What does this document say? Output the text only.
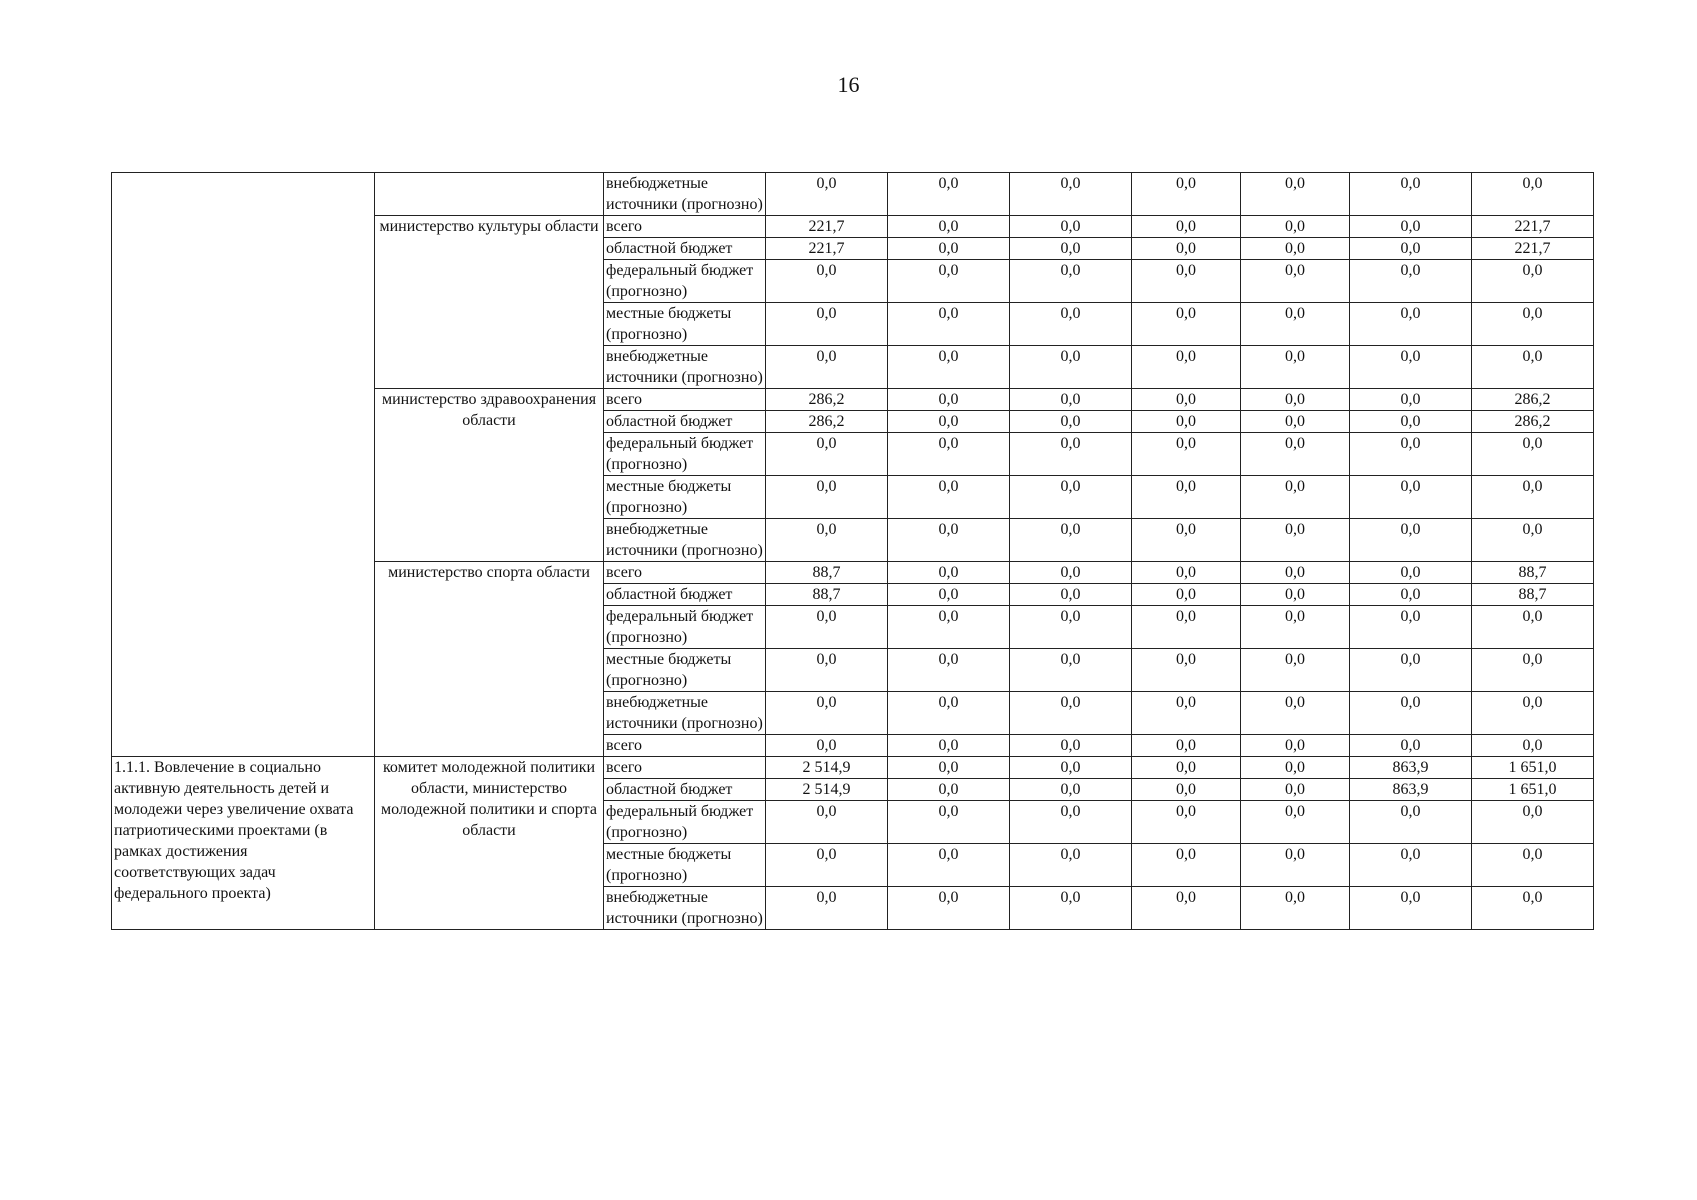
16
		внебюджетные источники (прогнозно)	0,0	0,0	0,0	0,0	0,0	0,0	0,0
	министерство культуры области	всего	221,7	0,0	0,0	0,0	0,0	0,0	221,7
		областной бюджет	221,7	0,0	0,0	0,0	0,0	0,0	221,7
		федеральный бюджет (прогнозно)	0,0	0,0	0,0	0,0	0,0	0,0	0,0
		местные бюджеты (прогнозно)	0,0	0,0	0,0	0,0	0,0	0,0	0,0
		внебюджетные источники (прогнозно)	0,0	0,0	0,0	0,0	0,0	0,0	0,0
	министерство здравоохранения области	всего	286,2	0,0	0,0	0,0	0,0	0,0	286,2
		областной бюджет	286,2	0,0	0,0	0,0	0,0	0,0	286,2
		федеральный бюджет (прогнозно)	0,0	0,0	0,0	0,0	0,0	0,0	0,0
		местные бюджеты (прогнозно)	0,0	0,0	0,0	0,0	0,0	0,0	0,0
		внебюджетные источники (прогнозно)	0,0	0,0	0,0	0,0	0,0	0,0	0,0
	министерство спорта области	всего	88,7	0,0	0,0	0,0	0,0	0,0	88,7
		областной бюджет	88,7	0,0	0,0	0,0	0,0	0,0	88,7
		федеральный бюджет (прогнозно)	0,0	0,0	0,0	0,0	0,0	0,0	0,0
		местные бюджеты (прогнозно)	0,0	0,0	0,0	0,0	0,0	0,0	0,0
		внебюджетные источники (прогнозно)	0,0	0,0	0,0	0,0	0,0	0,0	0,0
		всего	0,0	0,0	0,0	0,0	0,0	0,0	0,0
1.1.1. Вовлечение в социально активную деятельность детей и молодежи через увеличение охвата патриотическими проектами (в рамках достижения соответствующих задач федерального проекта)	комитет молодежной политики области, министерство молодежной политики и спорта области	всего	2 514,9	0,0	0,0	0,0	0,0	863,9	1 651,0
		областной бюджет	2 514,9	0,0	0,0	0,0	0,0	863,9	1 651,0
		федеральный бюджет (прогнозно)	0,0	0,0	0,0	0,0	0,0	0,0	0,0
		местные бюджеты (прогнозно)	0,0	0,0	0,0	0,0	0,0	0,0	0,0
		внебюджетные источники (прогнозно)	0,0	0,0	0,0	0,0	0,0	0,0	0,0
